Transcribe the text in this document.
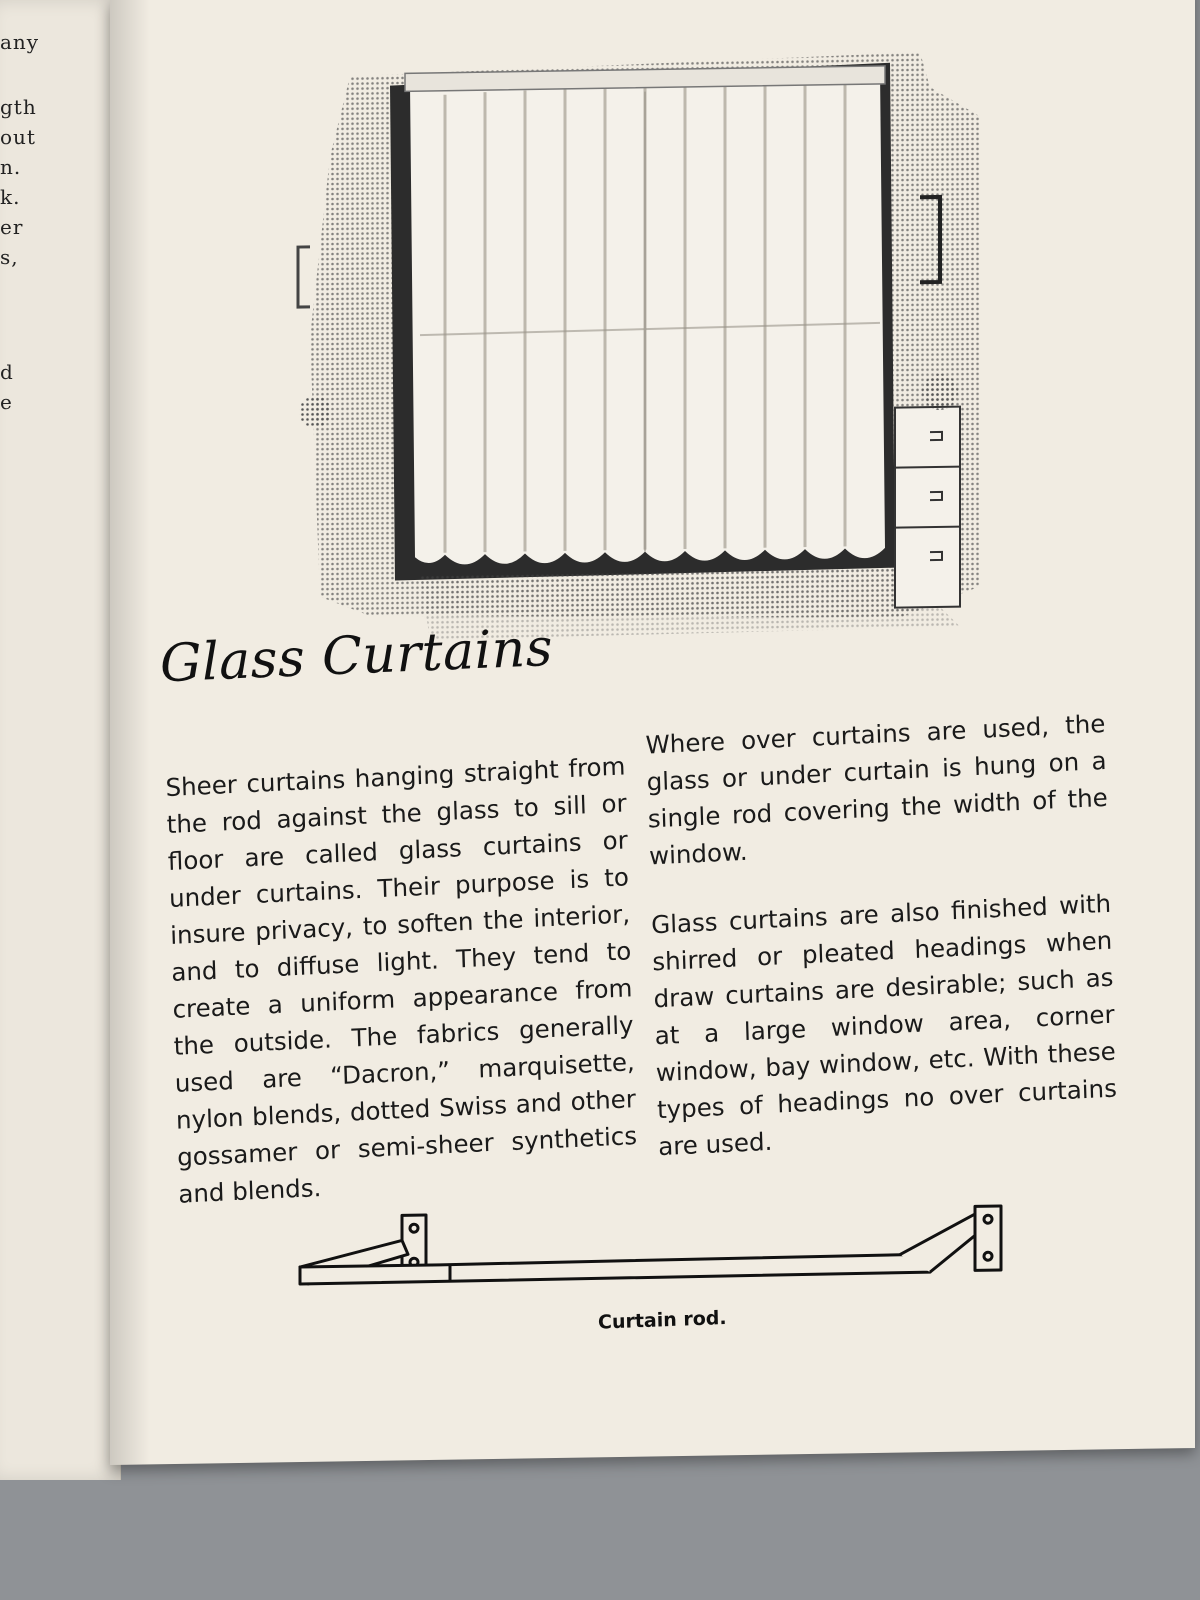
any
gth
out
n.
k.
er
s,
d
e
Glass Curtains

Sheer curtains hanging straight from the rod against the glass to sill or floor are called glass curtains or under curtains. Their purpose is to insure privacy, to soften the interior, and to diffuse light. They tend to create a uniform appearance from the outside. The fabrics generally used are “Dacron,” marquisette, nylon blends, dotted Swiss and other gossamer or semi-sheer synthetics and blends.

Where over curtains are used, the glass or under curtain is hung on a single rod covering the width of the window.

Glass curtains are also finished with shirred or pleated headings when draw curtains are desirable; such as at a large window area, corner window, bay window, etc. With these types of headings no over curtains are used.

Curtain rod.
